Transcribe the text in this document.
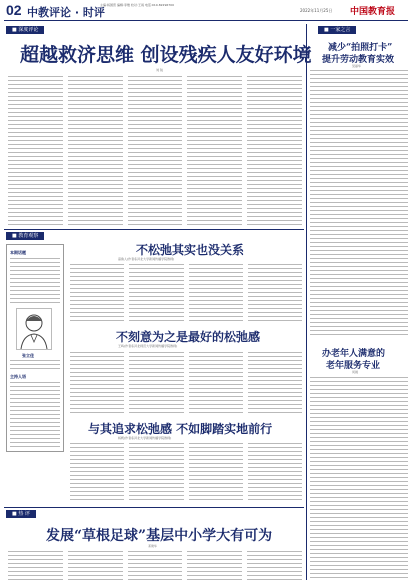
02 中教评论 · 时评
主编:杨国营 编辑:李维 校对:王雨 电话:010-82296700
2022年11月25日 中国教育报
■ 深度评论
超越救济思维 创设残疾人友好环境
刘 锐
■ 教育观察
本期话题
张立佳
主持人语
不松弛其实也没关系
高鲁人(作者系河北大学新闻传播学院教师)
不刻意为之是最好的松弛感
王鸣(作者系河北师范大学新闻传播学院教师)
与其追求松弛感 不如脚踏实地前行
杨帆(作者系河北大学新闻传播学院教师)
■ 热 评
发展“草根足球”基层中小学大有可为
邓建华
■ 一家之言
减少“拍照打卡”
提升劳动教育实效
吴丽华
办老年人满意的
老年服务专业
何晨
